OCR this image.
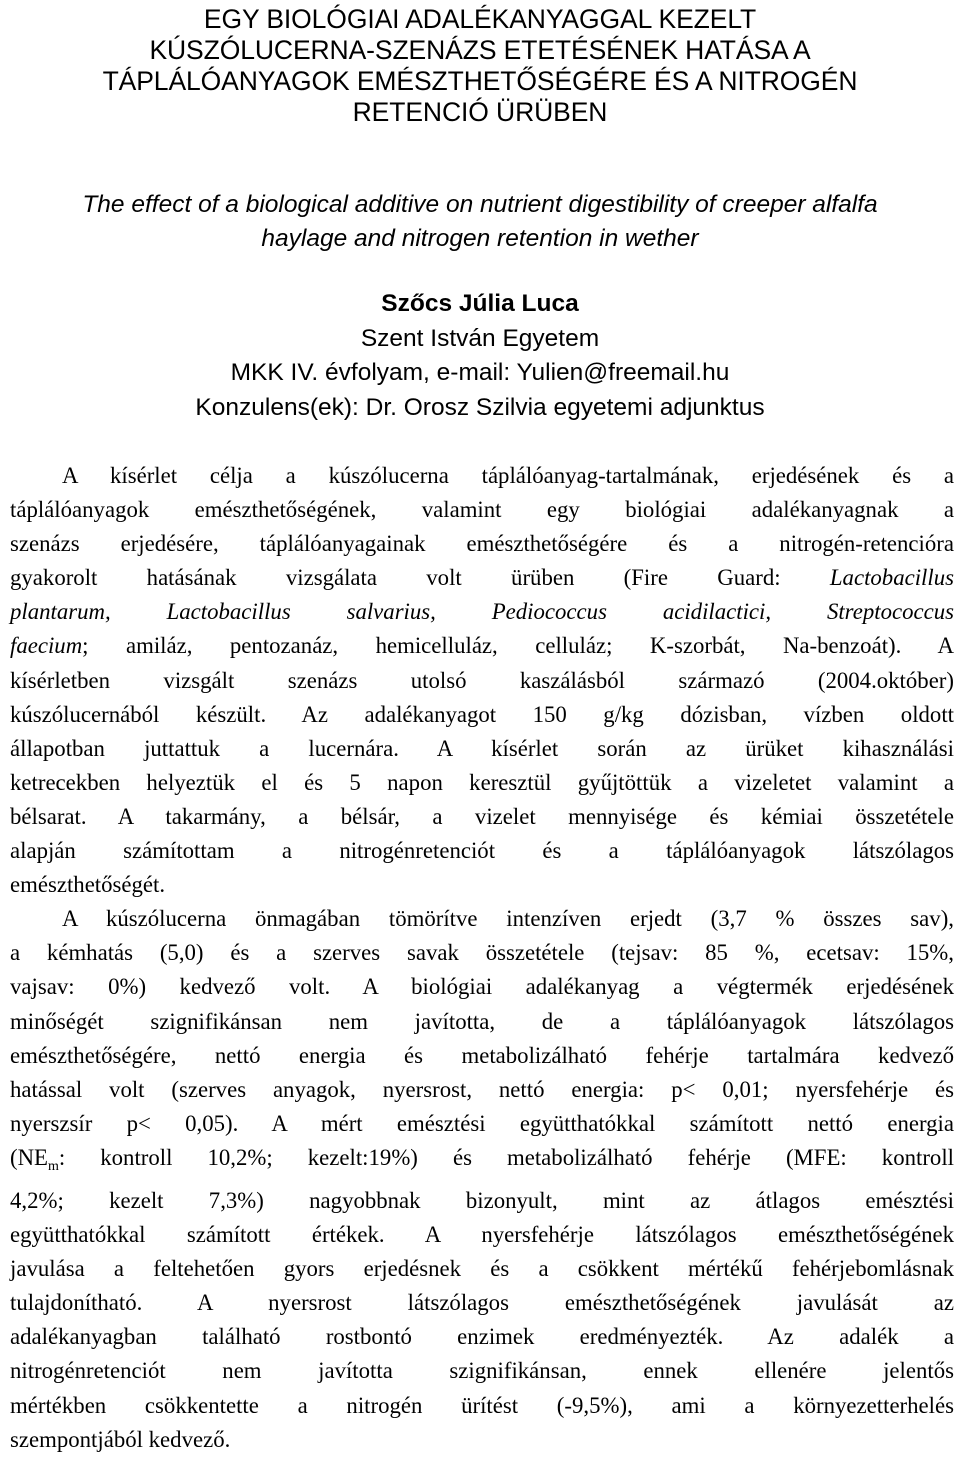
EGY BIOLÓGIAI ADALÉKANYAGGAL KEZELT
KÚSZÓLUCERNA-SZENÁZS ETETÉSÉNEK HATÁSA A
TÁPLÁLÓANYAGOK EMÉSZTHETŐSÉGÉRE ÉS A NITROGÉN
RETENCIÓ ÜRÜBEN
The effect of a biological additive on nutrient digestibility of creeper alfalfa
haylage and nitrogen retention in wether
Szőcs Júlia Luca
Szent István Egyetem
MKK IV. évfolyam, e-mail: Yulien@freemail.hu
Konzulens(ek): Dr. Orosz Szilvia egyetemi adjunktus

A kísérlet célja a kúszólucerna táplálóanyag-tartalmának, erjedésének és a
táplálóanyagok emészthetőségének, valamint egy biológiai adalékanyagnak a
szenázs erjedésére, táplálóanyagainak emészthetőségére és a nitrogén-retencióra
gyakorolt hatásának vizsgálata volt ürüben (Fire Guard: Lactobacillus
plantarum, Lactobacillus salvarius, Pediococcus acidilactici, Streptococcus
faecium; amiláz, pentozanáz, hemicelluláz, celluláz; K-szorbát, Na-benzoát). A
kísérletben vizsgált szenázs utolsó kaszálásból származó (2004.október)
kúszólucernából készült. Az adalékanyagot 150 g/kg dózisban, vízben oldott
állapotban juttattuk a lucernára. A kísérlet során az ürüket kihasználási
ketrecekben helyeztük el és 5 napon keresztül gyűjtöttük a vizeletet valamint a
bélsarat. A takarmány, a bélsár, a vizelet mennyisége és kémiai összetétele
alapján számítottam a nitrogénretenciót és a táplálóanyagok látszólagos
emészthetőségét.

A kúszólucerna önmagában tömörítve intenzíven erjedt (3,7 % összes sav),
a kémhatás (5,0) és a szerves savak összetétele (tejsav: 85 %, ecetsav: 15%,
vajsav: 0%) kedvező volt. A biológiai adalékanyag a végtermék erjedésének
minőségét szignifikánsan nem javította, de a táplálóanyagok látszólagos
emészthetőségére, nettó energia és metabolizálható fehérje tartalmára kedvező
hatással volt (szerves anyagok, nyersrost, nettó energia: p< 0,01; nyersfehérje és
nyerszsír p< 0,05). A mért emésztési együtthatókkal számított nettó energia
($NE_m$: kontroll 10,2%; kezelt:19%) és metabolizálható fehérje (MFE: kontroll
4,2%; kezelt 7,3%) nagyobbnak bizonyult, mint az átlagos emésztési
együtthatókkal számított értékek. A nyersfehérje látszólagos emészthetőségének
javulása a feltehetően gyors erjedésnek és a csökkent mértékű fehérjebomlásnak
tulajdonítható. A nyersrost látszólagos emészthetőségének javulását az
adalékanyagban található rostbontó enzimek eredményezték. Az adalék a
nitrogénretenciót nem javította szignifikánsan, ennek ellenére jelentős
mértékben csökkentette a nitrogén ürítést (-9,5%), ami a környezetterhelés
szempontjából kedvező.
